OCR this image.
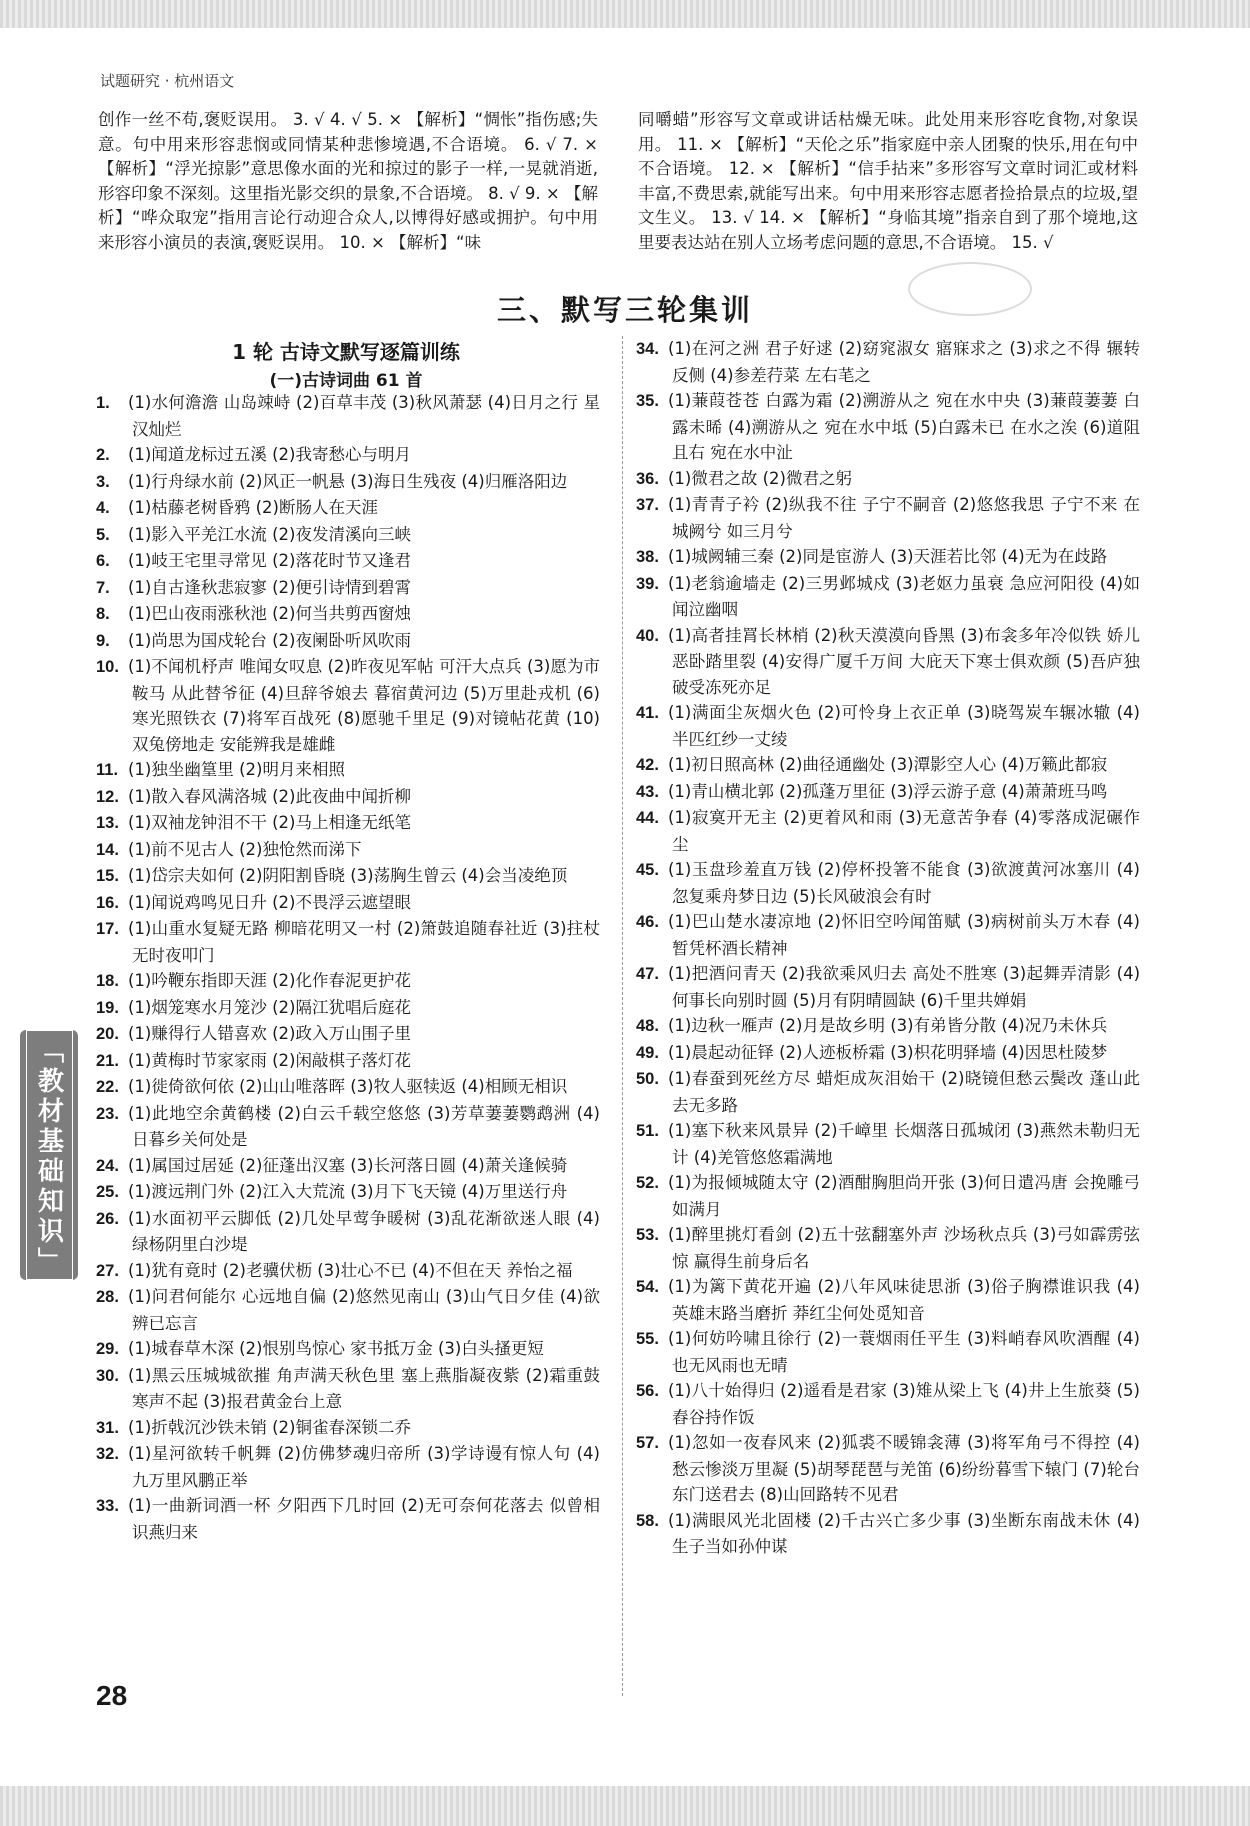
试题研究 · 杭州语文
创作一丝不苟,褒贬误用。 3. √ 4. √ 5. × 【解析】“惆怅”指伤感;失意。句中用来形容悲悯或同情某种悲惨境遇,不合语境。 6. √ 7. × 【解析】“浮光掠影”意思像水面的光和掠过的影子一样,一晃就消逝,形容印象不深刻。这里指光影交织的景象,不合语境。 8. √ 9. × 【解析】“哗众取宠”指用言论行动迎合众人,以博得好感或拥护。句中用来形容小演员的表演,褒贬误用。 10. × 【解析】“味
同嚼蜡”形容写文章或讲话枯燥无味。此处用来形容吃食物,对象误用。 11. × 【解析】“天伦之乐”指家庭中亲人团聚的快乐,用在句中不合语境。 12. × 【解析】“信手拈来”多形容写文章时词汇或材料丰富,不费思索,就能写出来。句中用来形容志愿者捡拾景点的垃圾,望文生义。 13. √ 14. × 【解析】“身临其境”指亲自到了那个境地,这里要表达站在别人立场考虑问题的意思,不合语境。 15. √
三、默写三轮集训
1 轮 古诗文默写逐篇训练
(一)古诗词曲 61 首
1. (1)水何澹澹 山岛竦峙 (2)百草丰茂 (3)秋风萧瑟 (4)日月之行 星汉灿烂
2. (1)闻道龙标过五溪 (2)我寄愁心与明月
3. (1)行舟绿水前 (2)风正一帆悬 (3)海日生残夜 (4)归雁洛阳边
4. (1)枯藤老树昏鸦 (2)断肠人在天涯
5. (1)影入平羌江水流 (2)夜发清溪向三峡
6. (1)岐王宅里寻常见 (2)落花时节又逢君
7. (1)自古逢秋悲寂寥 (2)便引诗情到碧霄
8. (1)巴山夜雨涨秋池 (2)何当共剪西窗烛
9. (1)尚思为国戍轮台 (2)夜阑卧听风吹雨
10. (1)不闻机杼声 唯闻女叹息 (2)昨夜见军帖 可汗大点兵 (3)愿为市鞍马 从此替爷征 (4)旦辞爷娘去 暮宿黄河边 (5)万里赴戎机 (6)寒光照铁衣 (7)将军百战死 (8)愿驰千里足 (9)对镜帖花黄 (10)双兔傍地走 安能辨我是雄雌
11. (1)独坐幽篁里 (2)明月来相照
12. (1)散入春风满洛城 (2)此夜曲中闻折柳
13. (1)双袖龙钟泪不干 (2)马上相逢无纸笔
14. (1)前不见古人 (2)独怆然而涕下
15. (1)岱宗夫如何 (2)阴阳割昏晓 (3)荡胸生曾云 (4)会当凌绝顶
16. (1)闻说鸡鸣见日升 (2)不畏浮云遮望眼
17. (1)山重水复疑无路 柳暗花明又一村 (2)箫鼓追随春社近 (3)拄杖无时夜叩门
18. (1)吟鞭东指即天涯 (2)化作春泥更护花
19. (1)烟笼寒水月笼沙 (2)隔江犹唱后庭花
20. (1)赚得行人错喜欢 (2)政入万山围子里
21. (1)黄梅时节家家雨 (2)闲敲棋子落灯花
22. (1)徙倚欲何依 (2)山山唯落晖 (3)牧人驱犊返 (4)相顾无相识
23. (1)此地空余黄鹤楼 (2)白云千载空悠悠 (3)芳草萋萋鹦鹉洲 (4)日暮乡关何处是
24. (1)属国过居延 (2)征蓬出汉塞 (3)长河落日圆 (4)萧关逢候骑
25. (1)渡远荆门外 (2)江入大荒流 (3)月下飞天镜 (4)万里送行舟
26. (1)水面初平云脚低 (2)几处早莺争暖树 (3)乱花渐欲迷人眼 (4)绿杨阴里白沙堤
27. (1)犹有竟时 (2)老骥伏枥 (3)壮心不已 (4)不但在天 养怡之福
28. (1)问君何能尔 心远地自偏 (2)悠然见南山 (3)山气日夕佳 (4)欲辨已忘言
29. (1)城春草木深 (2)恨别鸟惊心 家书抵万金 (3)白头搔更短
30. (1)黑云压城城欲摧 角声满天秋色里 塞上燕脂凝夜紫 (2)霜重鼓寒声不起 (3)报君黄金台上意
31. (1)折戟沉沙铁未销 (2)铜雀春深锁二乔
32. (1)星河欲转千帆舞 (2)仿佛梦魂归帝所 (3)学诗谩有惊人句 (4)九万里风鹏正举
33. (1)一曲新词酒一杯 夕阳西下几时回 (2)无可奈何花落去 似曾相识燕归来
34. (1)在河之洲 君子好逑 (2)窈窕淑女 寤寐求之 (3)求之不得 辗转反侧 (4)参差荇菜 左右芼之
35. (1)蒹葭苍苍 白露为霜 (2)溯游从之 宛在水中央 (3)蒹葭萋萋 白露未晞 (4)溯游从之 宛在水中坻 (5)白露未已 在水之涘 (6)道阻且右 宛在水中沚
36. (1)微君之故 (2)微君之躬
37. (1)青青子衿 (2)纵我不往 子宁不嗣音 (2)悠悠我思 子宁不来 在城阙兮 如三月兮
38. (1)城阙辅三秦 (2)同是宦游人 (3)天涯若比邻 (4)无为在歧路
39. (1)老翁逾墙走 (2)三男邺城戍 (3)老妪力虽衰 急应河阳役 (4)如闻泣幽咽
40. (1)高者挂罥长林梢 (2)秋天漠漠向昏黑 (3)布衾多年冷似铁 娇儿恶卧踏里裂 (4)安得广厦千万间 大庇天下寒士俱欢颜 (5)吾庐独破受冻死亦足
41. (1)满面尘灰烟火色 (2)可怜身上衣正单 (3)晓驾炭车辗冰辙 (4)半匹红纱一丈绫
42. (1)初日照高林 (2)曲径通幽处 (3)潭影空人心 (4)万籁此都寂
43. (1)青山横北郭 (2)孤蓬万里征 (3)浮云游子意 (4)萧萧班马鸣
44. (1)寂寞开无主 (2)更着风和雨 (3)无意苦争春 (4)零落成泥碾作尘
45. (1)玉盘珍羞直万钱 (2)停杯投箸不能食 (3)欲渡黄河冰塞川 (4)忽复乘舟梦日边 (5)长风破浪会有时
46. (1)巴山楚水凄凉地 (2)怀旧空吟闻笛赋 (3)病树前头万木春 (4)暂凭杯酒长精神
47. (1)把酒问青天 (2)我欲乘风归去 高处不胜寒 (3)起舞弄清影 (4)何事长向别时圆 (5)月有阴晴圆缺 (6)千里共婵娟
48. (1)边秋一雁声 (2)月是故乡明 (3)有弟皆分散 (4)况乃未休兵
49. (1)晨起动征铎 (2)人迹板桥霜 (3)枳花明驿墙 (4)因思杜陵梦
50. (1)春蚕到死丝方尽 蜡炬成灰泪始干 (2)晓镜但愁云鬓改 蓬山此去无多路
51. (1)塞下秋来风景异 (2)千嶂里 长烟落日孤城闭 (3)燕然未勒归无计 (4)羌管悠悠霜满地
52. (1)为报倾城随太守 (2)酒酣胸胆尚开张 (3)何日遣冯唐 会挽雕弓如满月
53. (1)醉里挑灯看剑 (2)五十弦翻塞外声 沙场秋点兵 (3)弓如霹雳弦惊 赢得生前身后名
54. (1)为篱下黄花开遍 (2)八年风味徒思浙 (3)俗子胸襟谁识我 (4)英雄末路当磨折 莽红尘何处觅知音
55. (1)何妨吟啸且徐行 (2)一蓑烟雨任平生 (3)料峭春风吹酒醒 (4)也无风雨也无晴
56. (1)八十始得归 (2)遥看是君家 (3)雉从梁上飞 (4)井上生旅葵 (5)舂谷持作饭
57. (1)忽如一夜春风来 (2)狐裘不暖锦衾薄 (3)将军角弓不得控 (4)愁云惨淡万里凝 (5)胡琴琵琶与羌笛 (6)纷纷暮雪下辕门 (7)轮台东门送君去 (8)山回路转不见君
58. (1)满眼风光北固楼 (2)千古兴亡多少事 (3)坐断东南战未休 (4)生子当如孙仲谋
「教材基础知识」
28
